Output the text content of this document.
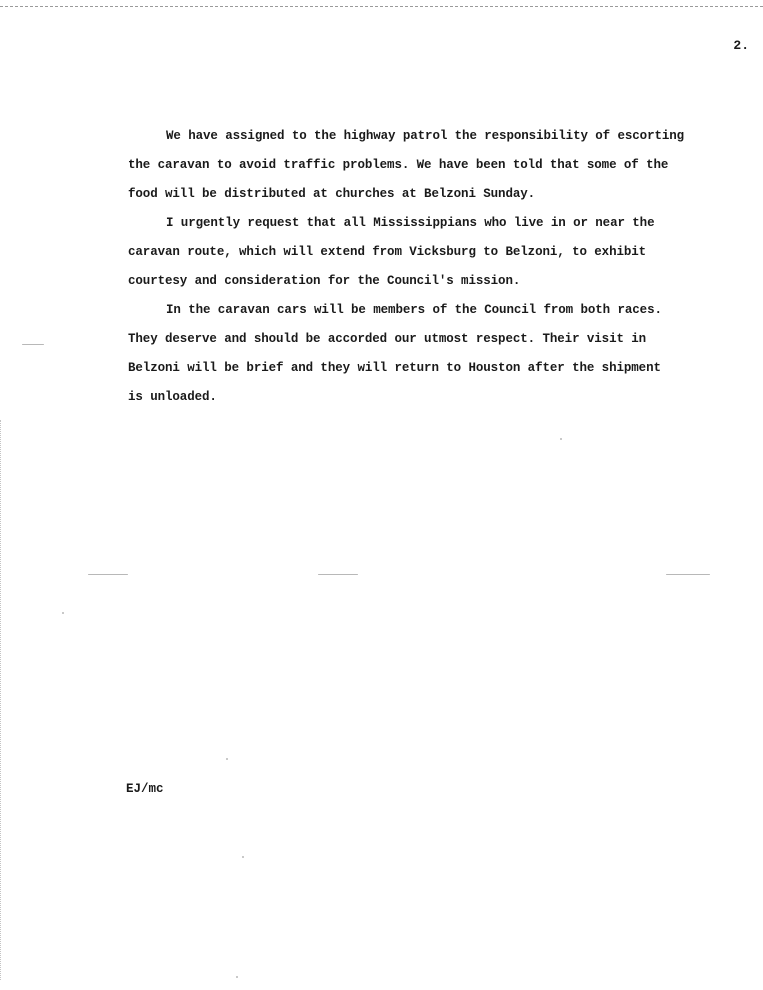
2.
We have assigned to the highway patrol the responsibility of escorting
the caravan to avoid traffic problems. We have been told that some of the
food will be distributed at churches at Belzoni Sunday.
I urgently request that all Mississippians who live in or near the
caravan route, which will extend from Vicksburg to Belzoni, to exhibit
courtesy and consideration for the Council's mission.
In the caravan cars will be members of the Council from both races.
They deserve and should be accorded our utmost respect. Their visit in
Belzoni will be brief and they will return to Houston after the shipment
is unloaded.
EJ/mc
